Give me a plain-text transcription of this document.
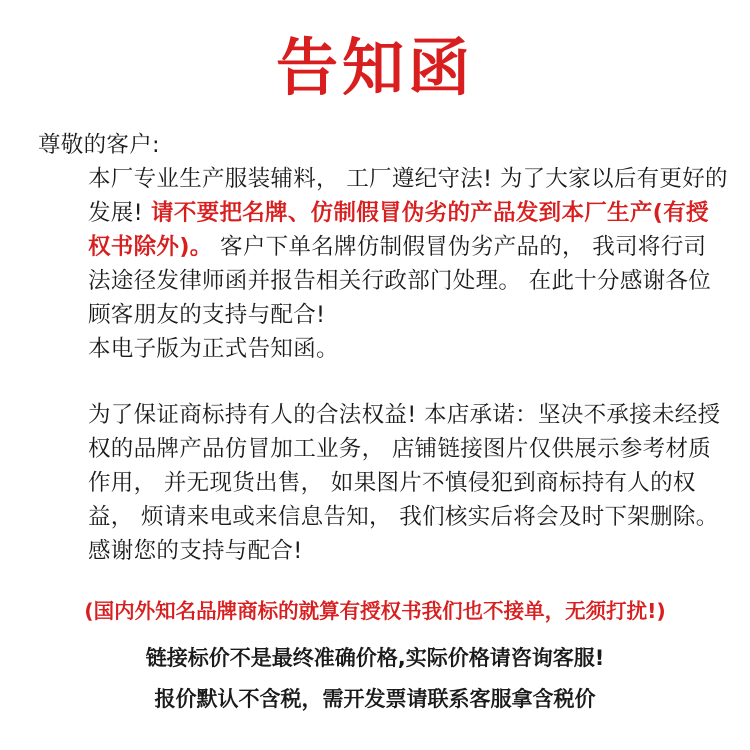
告知函

尊敬的客户:

本厂专业生产服装辅料， 工厂遵纪守法! 为了大家以后有更好的发展! 请不要把名牌、仿制假冒伪劣的产品发到本厂生产(有授权书除外)。 客户下单名牌仿制假冒伪劣产品的， 我司将行司法途径发律师函并报告相关行政部门处理。 在此十分感谢各位顾客朋友的支持与配合!

本电子版为正式告知函。

为了保证商标持有人的合法权益! 本店承诺：坚决不承接未经授权的品牌产品仿冒加工业务， 店铺链接图片仅供展示参考材质作用， 并无现货出售， 如果图片不慎侵犯到商标持有人的权益， 烦请来电或来信息告知， 我们核实后将会及时下架删除。感谢您的支持与配合!

(国内外知名品牌商标的就算有授权书我们也不接单，无须打扰!)
链接标价不是最终准确价格,实际价格请咨询客服!
报价默认不含税，需开发票请联系客服拿含税价
